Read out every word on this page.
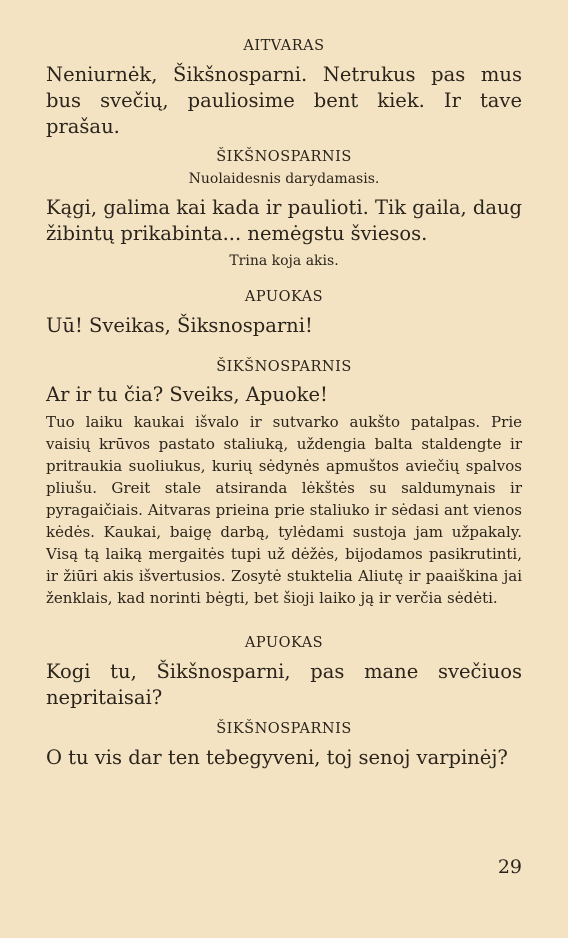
AITVARAS

Neniurnėk, Šikšnosparni. Netrukus pas mus bus svečių, pauliosime bent kiek. Ir tave prašau.

ŠIKŠNOSPARNIS
Nuolaidesnis darydamasis.

Kągi, galima kai kada ir paulioti. Tik gaila, daug žibintų prikabinta... nemėgstu šviesos.

Trina koja akis.
APUOKAS

Uū! Sveikas, Šiksnosparni!

ŠIKŠNOSPARNIS

Ar ir tu čia? Sveiks, Apuoke!

Tuo laiku kaukai išvalo ir sutvarko aukšto patalpas. Prie vaisių krūvos pastato staliuką, uždengia balta staldengte ir pritraukia suoliukus, kurių sėdynės apmuštos aviečių spalvos pliušu. Greit stale atsiranda lėkštės su saldumynais ir pyragaičiais. Aitvaras prieina prie staliuko ir sėdasi ant vienos kėdės. Kaukai, baigę darbą, tylėdami sustoja jam užpakaly. Visą tą laiką mergaitės tupi už dėžės, bijodamos pasikrutinti, ir žiūri akis išvertusios. Zosytė stuktelia Aliutę ir paaiškina jai ženklais, kad norinti bėgti, bet šioji laiko ją ir verčia sėdėti.

APUOKAS

Kogi tu, Šikšnosparni, pas mane svečiuos nepritaisai?

ŠIKŠNOSPARNIS

O tu vis dar ten tebegyveni, toj senoj varpinėj?

29
